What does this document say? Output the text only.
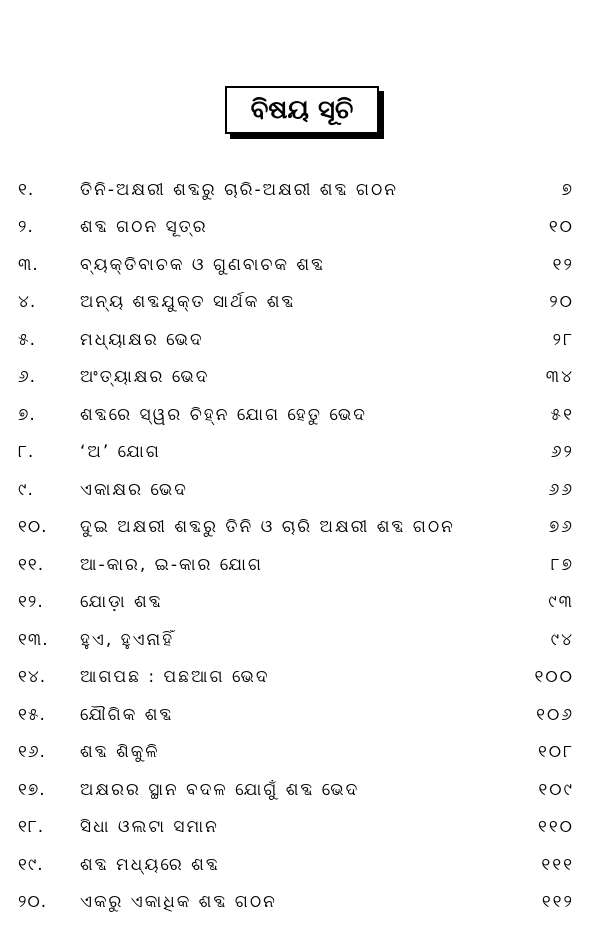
ବିଷୟ ସୂଚି
୧.	ତିନି-ଅକ୍ଷରୀ ଶବ୍ଦରୁ ଚାରି-ଅକ୍ଷରୀ ଶବ୍ଦ ଗଠନ	୭
୨.	ଶବ୍ଦ ଗଠନ ସୂତ୍ର	୧୦
୩.	ବ୍ୟକ୍ତିବାଚକ ଓ ଗୁଣବାଚକ ଶବ୍ଦ	୧୨
୪.	ଅନ୍ୟ ଶବ୍ଦଯୁକ୍ତ ସାର୍ଥକ ଶବ୍ଦ	୨୦
୫.	ମଧ୍ୟାକ୍ଷର ଭେଦ	୨୮
୬.	ଅଂତ୍ୟାକ୍ଷର ଭେଦ	୩୪
୭.	ଶବ୍ଦରେ ସ୍ୱର ଚିହ୍ନ ଯୋଗ ହେତୁ ଭେଦ	୫୧
୮.	‘ଅ’ ଯୋଗ	୬୨
୯.	ଏକାକ୍ଷର ଭେଦ	୬୬
୧୦.	ଦୁଇ ଅକ୍ଷରୀ ଶବ୍ଦରୁ ତିନି ଓ ଚାରି ଅକ୍ଷରୀ ଶବ୍ଦ ଗଠନ	୭୬
୧୧.	ଆ-କାର, ଇ-କାର ଯୋଗ	୮୭
୧୨.	ଯୋଡ଼ା ଶବ୍ଦ	୯୩
୧୩.	ହୁଏ, ହୁଏନାହିଁ	୯୪
୧୪.	ଆଗପଛ : ପଛଆଗ ଭେଦ	୧୦୦
୧୫.	ଯୌଗିକ ଶବ୍ଦ	୧୦୬
୧୬.	ଶବ୍ଦ ଶିକୁଳି	୧୦୮
୧୭.	ଅକ୍ଷରର ସ୍ଥାନ ବଦଳ ଯୋଗୁଁ ଶବ୍ଦ ଭେଦ	୧୦୯
୧୮.	ସିଧା ଓଲଟା ସମାନ	୧୧୦
୧୯.	ଶବ୍ଦ ମଧ୍ୟରେ ଶବ୍ଦ	୧୧୧
୨୦.	ଏକରୁ ଏକାଧିକ ଶବ୍ଦ ଗଠନ	୧୧୨
